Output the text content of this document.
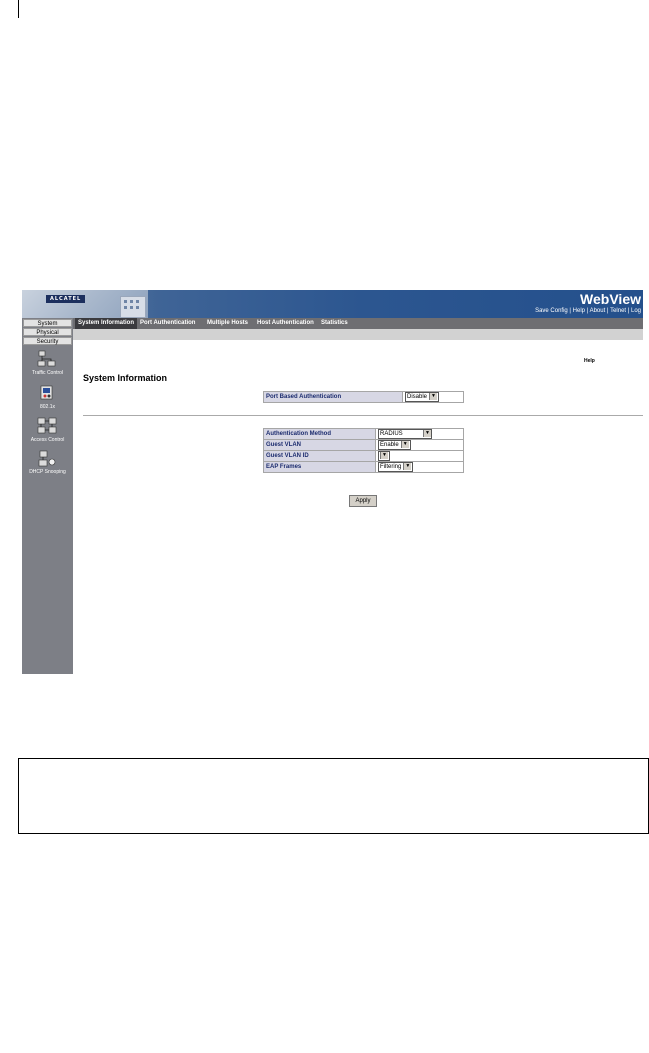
ALCATEL	WebView
Save Config | Help | About | Telnet | Log
System
Physical
Security
Traffic Control
802.1x
Access Control
DHCP Snooping
System Information Port Authentication	Multiple Hosts	Host Authentication	Statistics
Help
System Information
Port Based Authentication	Disable ▼
Authentication Method	RADIUS ▼

Guest VLAN	Enable ▼
Guest VLAN ID	▼
EAP Frames	Filtering ▼
Apply
